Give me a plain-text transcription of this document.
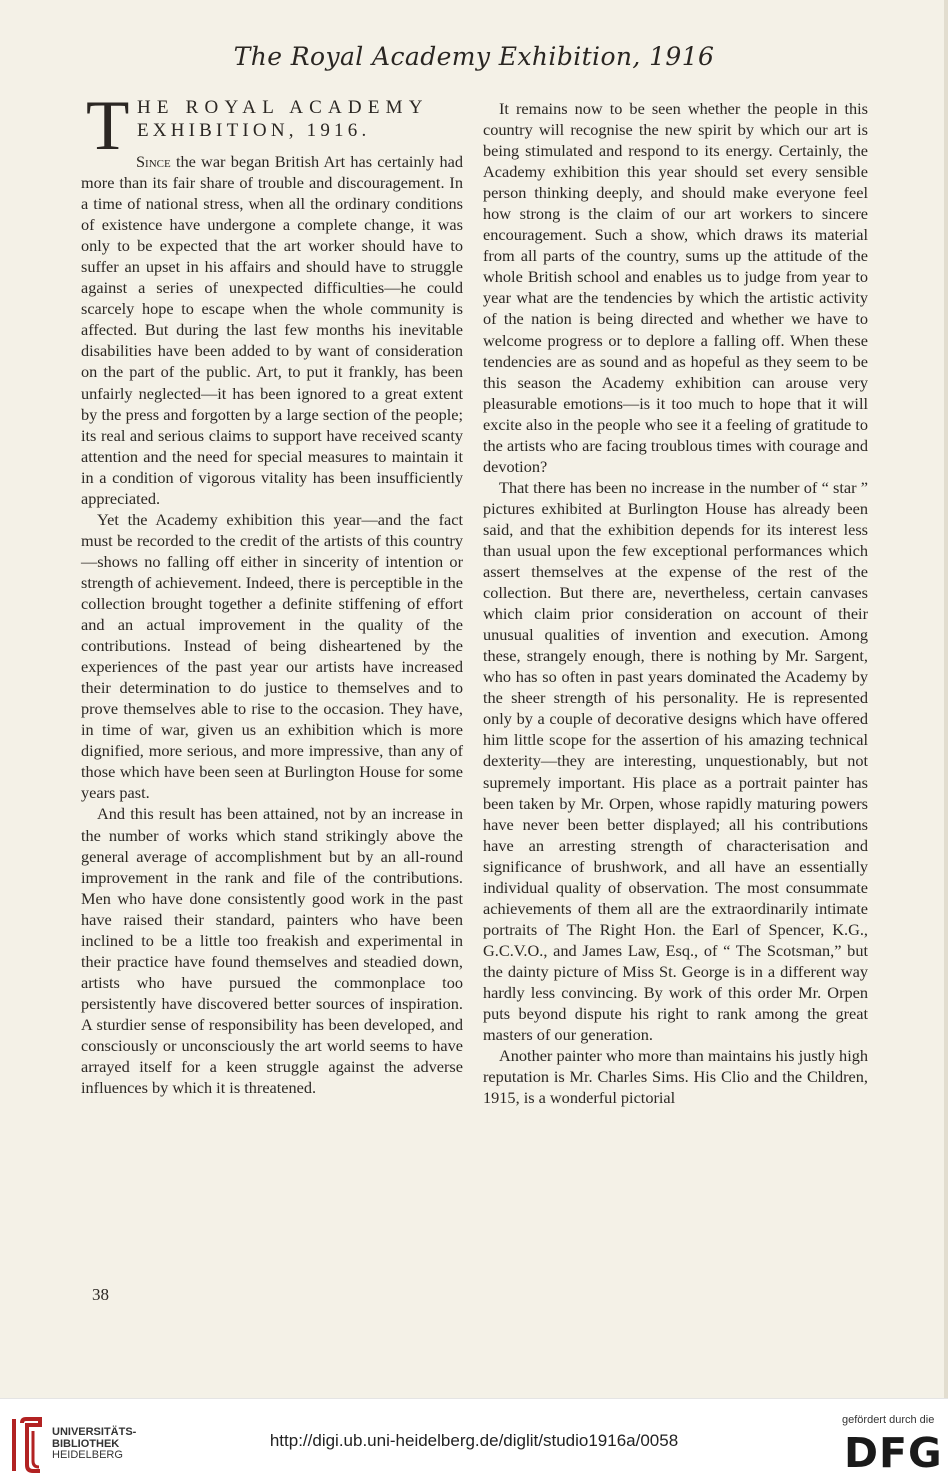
The Royal Academy Exhibition, 1916
T HE ROYAL ACADEMY
EXHIBITION, 1916.

Since the war began British Art has certainly had more than its fair share of trouble and discouragement. In a time of national stress, when all the ordinary conditions of existence have undergone a complete change, it was only to be expected that the art worker should have to suffer an upset in his affairs and should have to struggle against a series of unexpected difficulties—he could scarcely hope to escape when the whole community is affected. But during the last few months his inevitable disabilities have been added to by want of consideration on the part of the public. Art, to put it frankly, has been unfairly neglected—it has been ignored to a great extent by the press and forgotten by a large section of the people; its real and serious claims to support have received scanty attention and the need for special measures to maintain it in a condition of vigorous vitality has been insufficiently appreciated.

Yet the Academy exhibition this year—and the fact must be recorded to the credit of the artists of this country—shows no falling off either in sincerity of intention or strength of achievement. Indeed, there is perceptible in the collection brought together a definite stiffening of effort and an actual improvement in the quality of the contributions. Instead of being disheartened by the experiences of the past year our artists have increased their determination to do justice to themselves and to prove themselves able to rise to the occasion. They have, in time of war, given us an exhibition which is more dignified, more serious, and more impressive, than any of those which have been seen at Burlington House for some years past.

And this result has been attained, not by an increase in the number of works which stand strikingly above the general average of accomplishment but by an all-round improvement in the rank and file of the contributions. Men who have done consistently good work in the past have raised their standard, painters who have been inclined to be a little too freakish and experimental in their practice have found themselves and steadied down, artists who have pursued the commonplace too persistently have discovered better sources of inspiration. A sturdier sense of responsibility has been developed, and consciously or unconsciously the art world seems to have arrayed itself for a keen struggle against the adverse influences by which it is threatened.

It remains now to be seen whether the people in this country will recognise the new spirit by which our art is being stimulated and respond to its energy. Certainly, the Academy exhibition this year should set every sensible person thinking deeply, and should make everyone feel how strong is the claim of our art workers to sincere encouragement. Such a show, which draws its material from all parts of the country, sums up the attitude of the whole British school and enables us to judge from year to year what are the tendencies by which the artistic activity of the nation is being directed and whether we have to welcome progress or to deplore a falling off. When these tendencies are as sound and as hopeful as they seem to be this season the Academy exhibition can arouse very pleasurable emotions—is it too much to hope that it will excite also in the people who see it a feeling of gratitude to the artists who are facing troublous times with courage and devotion?

That there has been no increase in the number of “ star ” pictures exhibited at Burlington House has already been said, and that the exhibition depends for its interest less than usual upon the few exceptional performances which assert themselves at the expense of the rest of the collection. But there are, nevertheless, certain canvases which claim prior consideration on account of their unusual qualities of invention and execution. Among these, strangely enough, there is nothing by Mr. Sargent, who has so often in past years dominated the Academy by the sheer strength of his personality. He is represented only by a couple of decorative designs which have offered him little scope for the assertion of his amazing technical dexterity—they are interesting, unquestionably, but not supremely important. His place as a portrait painter has been taken by Mr. Orpen, whose rapidly maturing powers have never been better displayed; all his contributions have an arresting strength of characterisation and significance of brushwork, and all have an essentially individual quality of observation. The most consummate achievements of them all are the extraordinarily intimate portraits of The Right Hon. the Earl of Spencer, K.G., G.C.V.O., and James Law, Esq., of “ The Scotsman,” but the dainty picture of Miss St. George is in a different way hardly less convincing. By work of this order Mr. Orpen puts beyond dispute his right to rank among the great masters of our generation.

Another painter who more than maintains his justly high reputation is Mr. Charles Sims. His Clio and the Children, 1915, is a wonderful pictorial

38
UNIVERSITÄTS-
BIBLIOTHEK
HEIDELBERG
http://digi.ub.uni-heidelberg.de/diglit/studio1916a/0058
gefördert durch die
DFG
